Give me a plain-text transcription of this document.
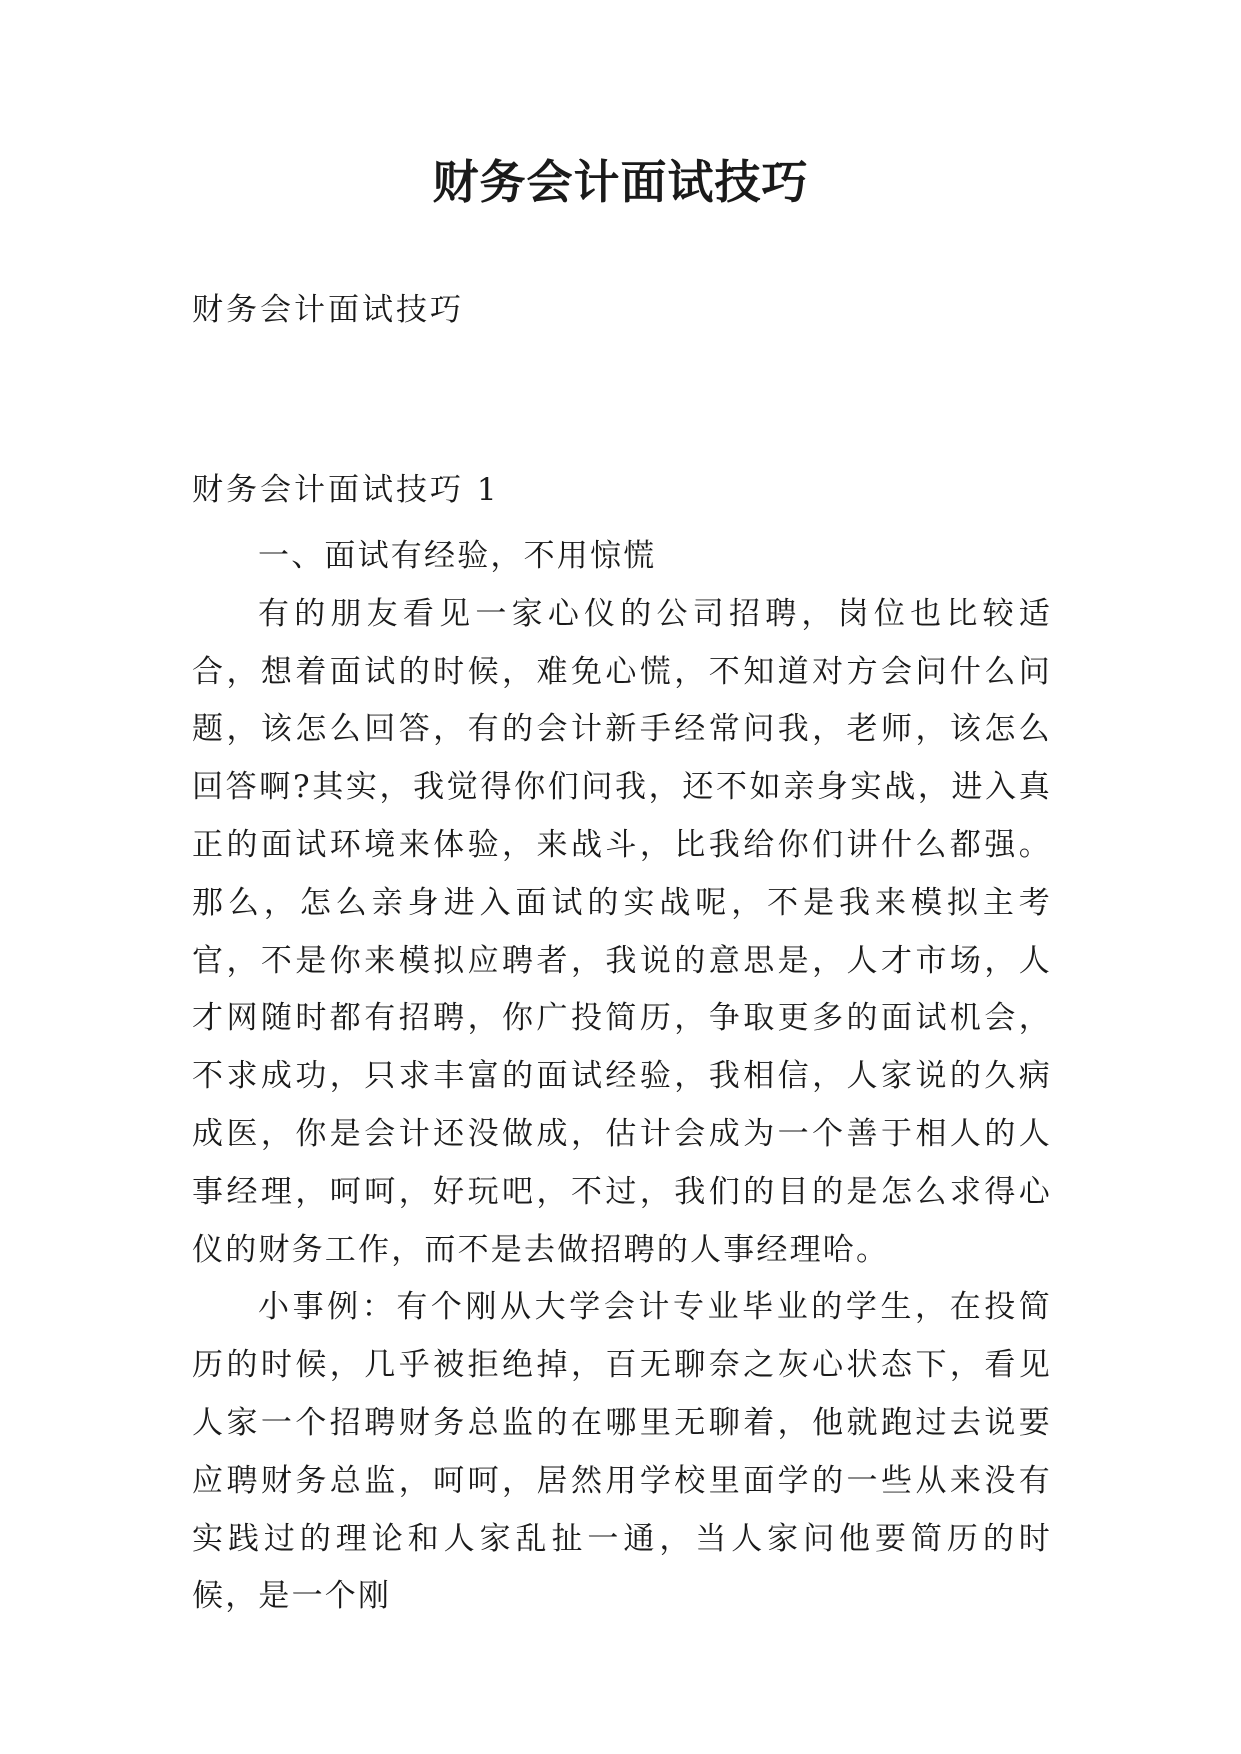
财务会计面试技巧

财务会计面试技巧

财务会计面试技巧 1

一、面试有经验，不用惊慌

有的朋友看见一家心仪的公司招聘，岗位也比较适合，想着面试的时候，难免心慌，不知道对方会问什么问题，该怎么回答，有的会计新手经常问我，老师，该怎么回答啊?其实，我觉得你们问我，还不如亲身实战，进入真正的面试环境来体验，来战斗，比我给你们讲什么都强。那么，怎么亲身进入面试的实战呢，不是我来模拟主考官，不是你来模拟应聘者，我说的意思是，人才市场，人才网随时都有招聘，你广投简历，争取更多的面试机会，不求成功，只求丰富的面试经验，我相信，人家说的久病成医，你是会计还没做成，估计会成为一个善于相人的人事经理，呵呵，好玩吧，不过，我们的目的是怎么求得心仪的财务工作，而不是去做招聘的人事经理哈。

小事例：有个刚从大学会计专业毕业的学生，在投简历的时候，几乎被拒绝掉，百无聊奈之灰心状态下，看见人家一个招聘财务总监的在哪里无聊着，他就跑过去说要应聘财务总监，呵呵，居然用学校里面学的一些从来没有实践过的理论和人家乱扯一通，当人家问他要简历的时候，是一个刚
